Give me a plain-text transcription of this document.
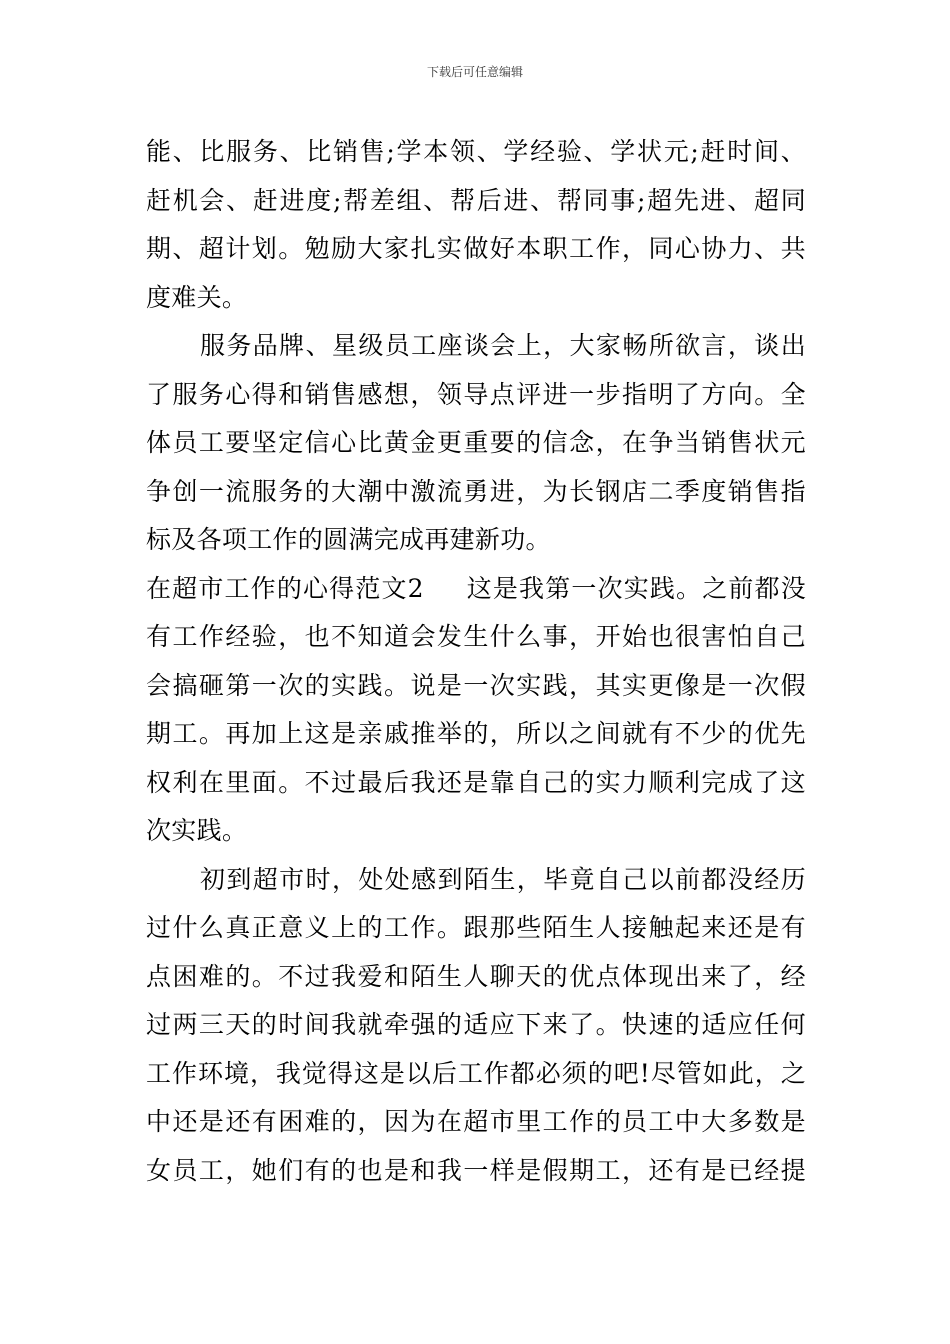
下载后可任意编辑
能、比服务、比销售;学本领、学经验、学状元;赶时间、
赶机会、赶进度;帮差组、帮后进、帮同事;超先进、超同
期、超计划。勉励大家扎实做好本职工作，同心协力、共
度难关。
服务品牌、星级员工座谈会上，大家畅所欲言，谈出
了服务心得和销售感想，领导点评进一步指明了方向。全
体员工要坚定信心比黄金更重要的信念，在争当销售状元
争创一流服务的大潮中激流勇进，为长钢店二季度销售指
标及各项工作的圆满完成再建新功。
在超市工作的心得范文2 这是我第一次实践。之前都没
有工作经验，也不知道会发生什么事，开始也很害怕自己
会搞砸第一次的实践。说是一次实践，其实更像是一次假
期工。再加上这是亲戚推举的，所以之间就有不少的优先
权利在里面。不过最后我还是靠自己的实力顺利完成了这
次实践。
初到超市时，处处感到陌生，毕竟自己以前都没经历
过什么真正意义上的工作。跟那些陌生人接触起来还是有
点困难的。不过我爱和陌生人聊天的优点体现出来了，经
过两三天的时间我就牵强的适应下来了。快速的适应任何
工作环境，我觉得这是以后工作都必须的吧!尽管如此，之
中还是还有困难的，因为在超市里工作的员工中大多数是
女员工，她们有的也是和我一样是假期工，还有是已经提
